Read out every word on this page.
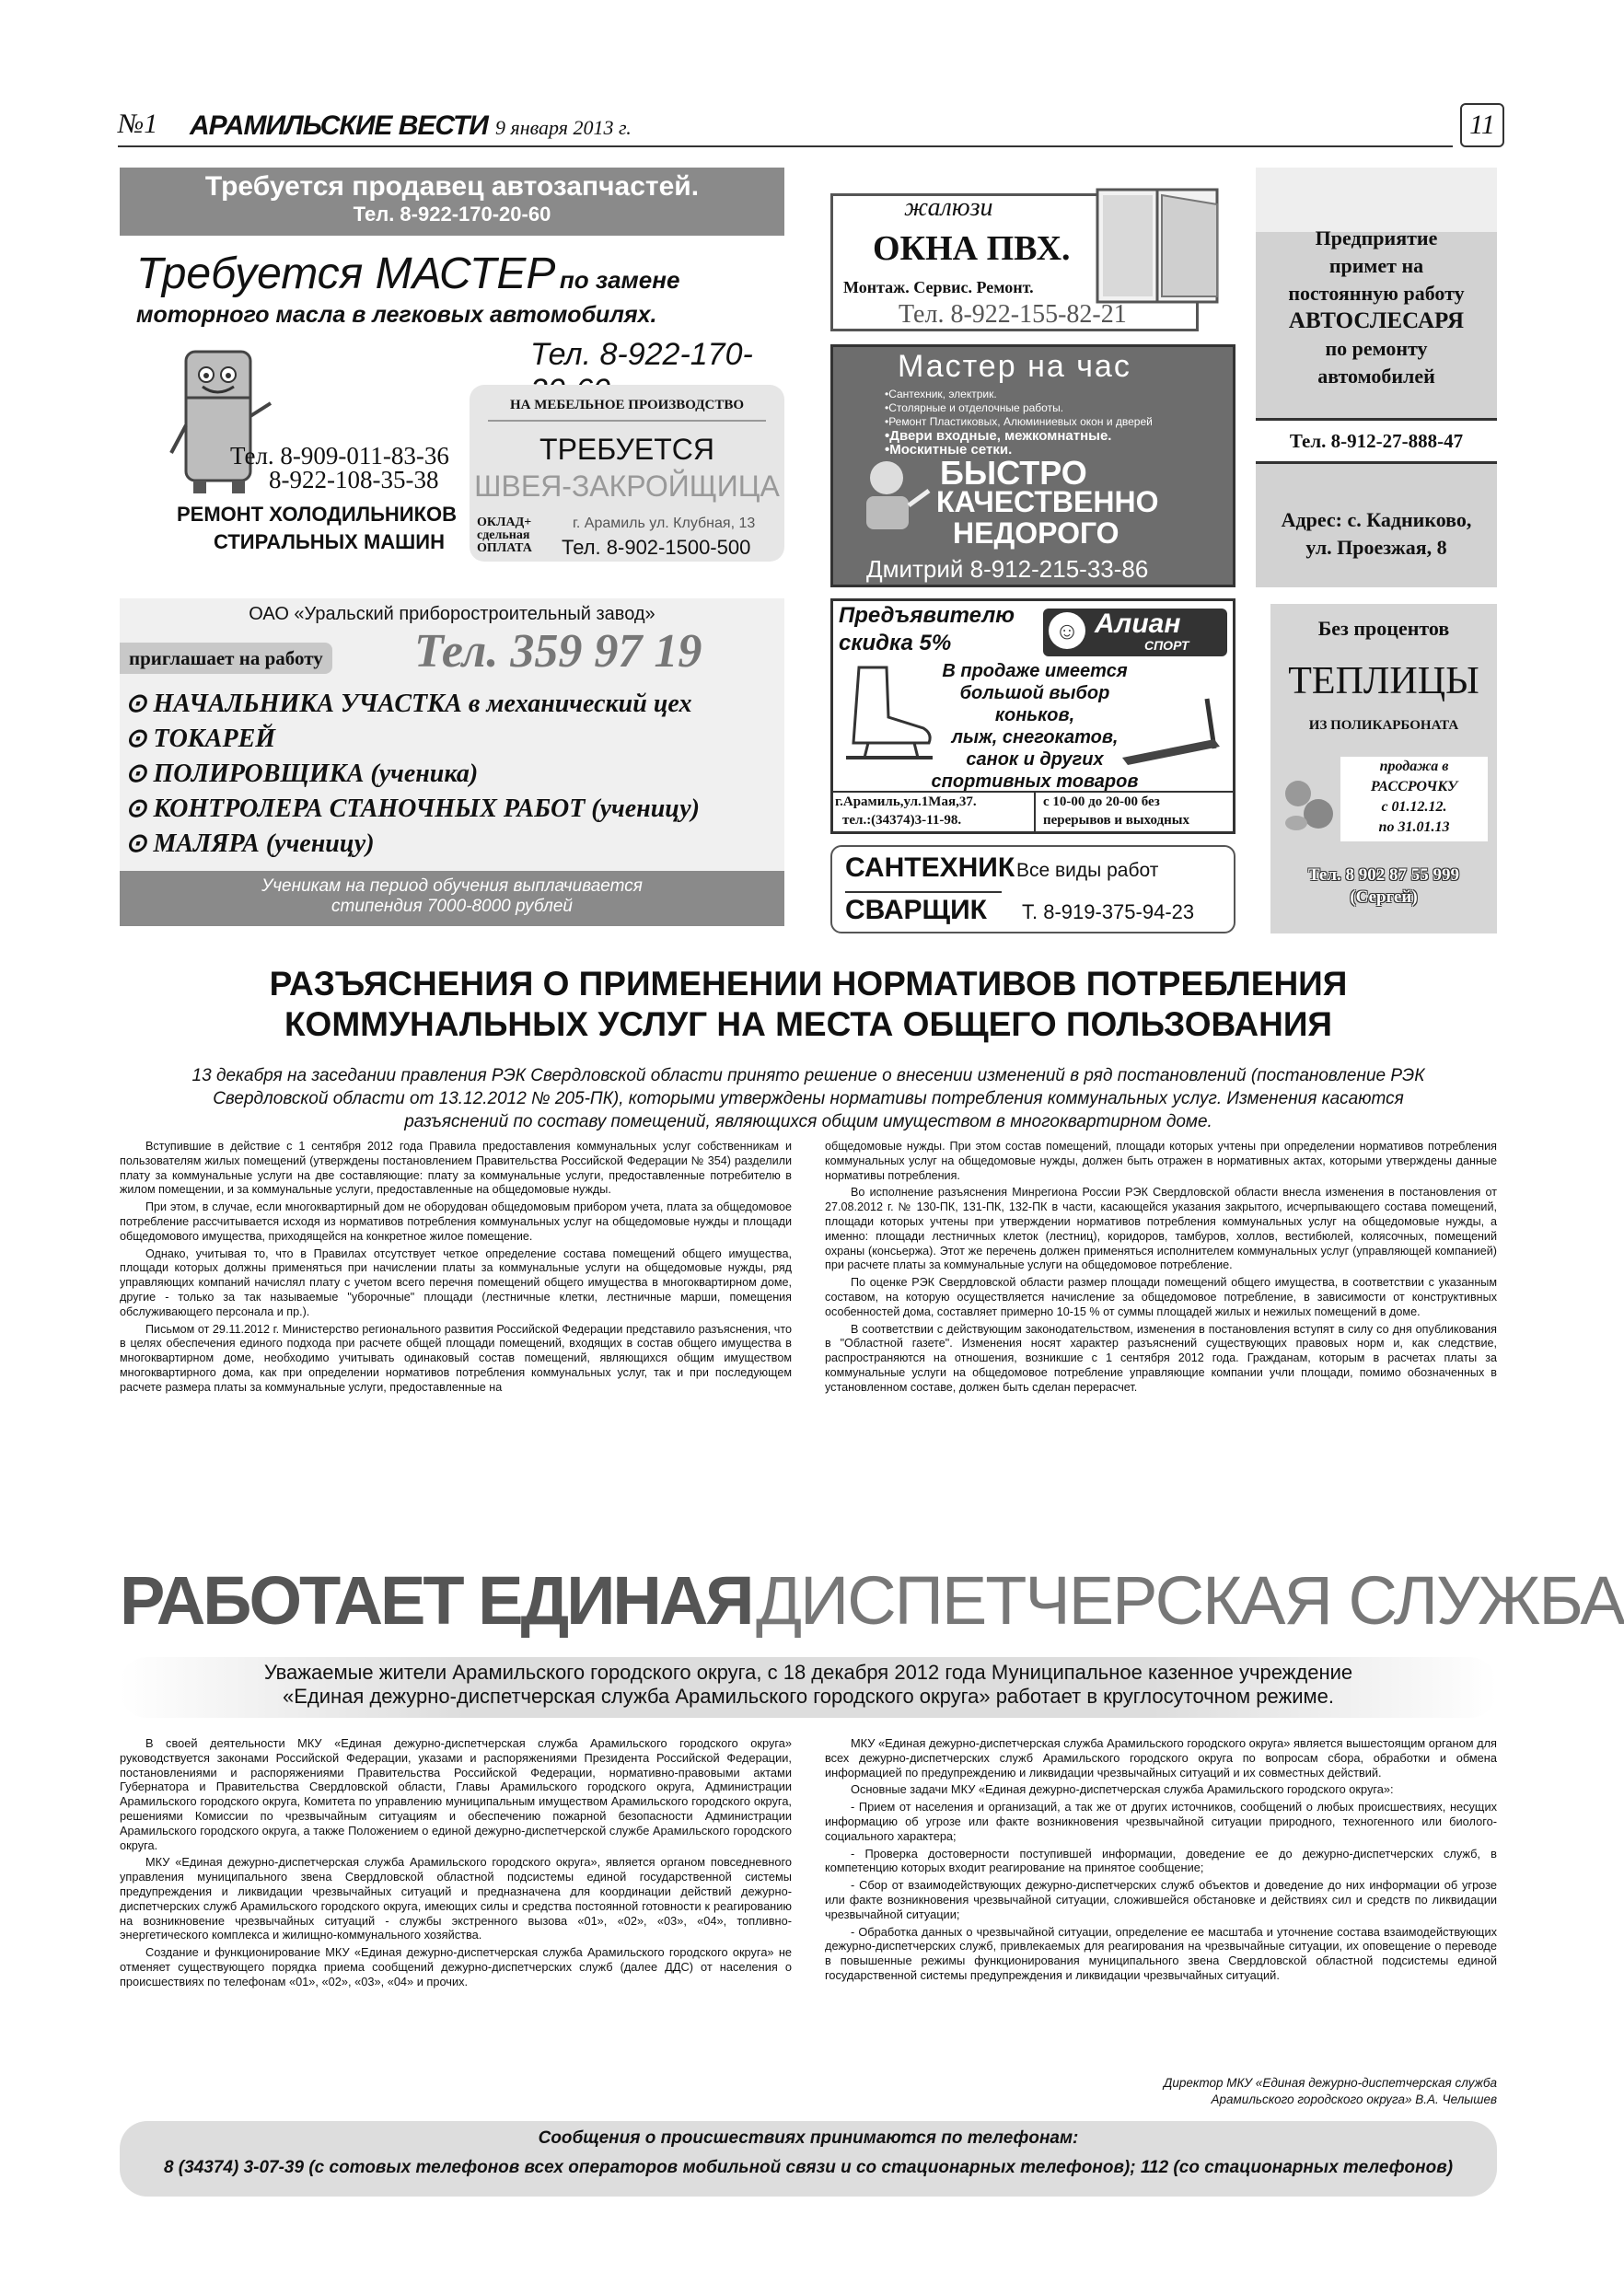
№1 АРАМИЛЬСКИЕ ВЕСТИ 9 января 2013 г.	11
Требуется продавец автозапчастей.
Тел. 8-922-170-20-60
Требуется МАСТЕР по замене
моторного масла в легковых автомобилях.
Тел. 8-922-170-
Тел. 8-909-011-83-36
8-922-108-35-38
РЕМОНТ ХОЛОДИЛЬНИКОВ
СТИРАЛЬНЫХ МАШИН
НА МЕБЕЛЬНОЕ ПРОИЗВОДСТВО
ТРЕБУЕТСЯ
ШВЕЯ-ЗАКРОЙЩИЦА
ОКЛАД+
сдельная
ОПЛАТА
г. Арамиль ул. Клубная, 13
Тел. 8-902-1500-500
жалюзи
ОКНА ПВХ.
Монтаж. Сервис. Ремонт.
Тел. 8-922-155-82-21
Мастер на час
•Сантехник, электрик.
•Столярные и отделочные работы.
•Ремонт Пластиковых, Алюминиевых окон и дверей
•Двери входные, межкомнатные.
•Москитные сетки.
БЫСТРО
КАЧЕСТВЕННО
НЕДОРОГО
Дмитрий 8-912-215-33-86
Предприятие
примет на
постоянную работу
АВТОСЛЕСАРЯ
по ремонту
автомобилей
Тел. 8-912-27-888-47
Адрес: с. Кадниково,
ул. Проезжая, 8
ОАО «Уральский приборостроительный завод»
приглашает на работу Тел. 359 97 19
⊙ НАЧАЛЬНИКА УЧАСТКА в механический цех
⊙ ТОКАРЕЙ
⊙ ПОЛИРОВЩИКА (ученика)
⊙ КОНТРОЛЕРА СТАНОЧНЫХ РАБОТ (ученицу)
⊙ МАЛЯРА (ученицу)
Ученикам на период обучения выплачивается
стипендия 7000-8000 рублей
Предъявителю
скидка 5%	☺ Алиан
СПОРТ
В продаже имеется
большой выбор коньков,
лыж, снегокатов,
санок и других
спортивных товаров
г.Арамиль,ул.1Мая,37.
тел.:(34374)3-11-98.
с 10-00 до 20-00 без
перерывов и выходных
САНТЕХНИК Все виды работ
СВАРЩИК Т. 8-919-375-94-23
Без процентов
ТЕПЛИЦЫ
ИЗ ПОЛИКАРБОНАТА
продажа в
РАССРОЧКУ
с 01.12.12.
по 31.01.13
Тел. 8 902 87 55 999
(Сергей)
РАЗЪЯСНЕНИЯ О ПРИМЕНЕНИИ НОРМАТИВОВ ПОТРЕБЛЕНИЯ
КОММУНАЛЬНЫХ УСЛУГ НА МЕСТА ОБЩЕГО ПОЛЬЗОВАНИЯ
13 декабря на заседании правления РЭК Свердловской области принято решение о внесении изменений в ряд постановлений (постановление РЭК Свердловской области от 13.12.2012 № 205-ПК), которыми утверждены нормативы потребления коммунальных услуг. Изменения касаются разъяснений по составу помещений, являющихся общим имуществом в многоквартирном доме.

Вступившие в действие с 1 сентября 2012 года Правила предоставления коммунальных услуг собственникам и пользователям жилых помещений (утверждены постановлением Правительства Российской Федерации № 354) разделили плату за коммунальные услуги на две составляющие: плату за коммунальные услуги, предоставленные потребителю в жилом помещении, и за коммунальные услуги, предоставленные на общедомовые нужды.

При этом, в случае, если многоквартирный дом не оборудован общедомовым прибором учета, плата за общедомовое потребление рассчитывается исходя из нормативов потребления коммунальных услуг на общедомовые нужды и площади общедомового имущества, приходящейся на конкретное жилое помещение.

Однако, учитывая то, что в Правилах отсутствует четкое определение состава помещений общего имущества, площади которых должны применяться при начислении платы за коммунальные услуги на общедомовые нужды, ряд управляющих компаний начислял плату с учетом всего перечня помещений общего имущества в многоквартирном доме, другие - только за так называемые "уборочные" площади (лестничные клетки, лестничные марши, помещения обслуживающего персонала и пр.).

Письмом от 29.11.2012 г. Министерство регионального развития Российской Федерации представило разъяснения, что в целях обеспечения единого подхода при расчете общей площади помещений, входящих в состав общего имущества в многоквартирном доме, необходимо учитывать одинаковый состав помещений, являющихся общим имуществом многоквартирного дома, как при определении нормативов потребления коммунальных услуг, так и при последующем расчете размера платы за коммунальные услуги, предоставленные на

общедомовые нужды. При этом состав помещений, площади которых учтены при определении нормативов потребления коммунальных услуг на общедомовые нужды, должен быть отражен в нормативных актах, которыми утверждены данные нормативы потребления.

Во исполнение разъяснения Минрегиона России РЭК Свердловской области внесла изменения в постановления от 27.08.2012 г. № 130-ПК, 131-ПК, 132-ПК в части, касающейся указания закрытого, исчерпывающего состава помещений, площади которых учтены при утверждении нормативов потребления коммунальных услуг на общедомовые нужды, а именно: площади лестничных клеток (лестниц), коридоров, тамбуров, холлов, вестибюлей, колясочных, помещений охраны (консьержа). Этот же перечень должен применяться исполнителем коммунальных услуг (управляющей компанией) при расчете платы за коммунальные услуги на общедомовое потребление.

По оценке РЭК Свердловской области размер площади помещений общего имущества, в соответствии с указанным составом, на которую осуществляется начисление за общедомовое потребление, в зависимости от конструктивных особенностей дома, составляет примерно 10-15 % от суммы площадей жилых и нежилых помещений в доме.

В соответствии с действующим законодательством, изменения в постановления вступят в силу со дня опубликования в "Областной газете". Изменения носят характер разъяснений существующих правовых норм и, как следствие, распространяются на отношения, возникшие с 1 сентября 2012 года. Гражданам, которым в расчетах платы за коммунальные услуги на общедомовое потребление управляющие компании учли площади, помимо обозначенных в установленном составе, должен быть сделан перерасчет.

РАБОТАЕТ ЕДИНАЯ ДИСПЕТЧЕРСКАЯ СЛУЖБА
Уважаемые жители Арамильского городского округа, с 18 декабря 2012 года Муниципальное казенное учреждение
«Единая дежурно-диспетчерская служба Арамильского городского округа» работает в круглосуточном режиме.

В своей деятельности МКУ «Единая дежурно-диспетчерская служба Арамильского городского округа» руководствуется законами Российской Федерации, указами и распоряжениями Президента Российской Федерации, постановлениями и распоряжениями Правительства Российской Федерации, нормативно-правовыми актами Губернатора и Правительства Свердловской области, Главы Арамильского городского округа, Администрации Арамильского городского округа, Комитета по управлению муниципальным имуществом Арамильского городского округа, решениями Комиссии по чрезвычайным ситуациям и обеспечению пожарной безопасности Администрации Арамильского городского округа, а также Положением о единой дежурно-диспетчерской службе Арамильского городского округа.

МКУ «Единая дежурно-диспетчерская служба Арамильского городского округа», является органом повседневного управления муниципального звена Свердловской областной подсистемы единой государственной системы предупреждения и ликвидации чрезвычайных ситуаций и предназначена для координации действий дежурно-диспетчерских служб Арамильского городского округа, имеющих силы и средства постоянной готовности к реагированию на возникновение чрезвычайных ситуаций - службы экстренного вызова «01», «02», «03», «04», топливно-энергетического комплекса и жилищно-коммунального хозяйства.

Создание и функционирование МКУ «Единая дежурно-диспетчерская служба Арамильского городского округа» не отменяет существующего порядка приема сообщений дежурно-диспетчерских служб (далее ДДС) от населения о происшествиях по телефонам «01», «02», «03», «04» и прочих.

МКУ «Единая дежурно-диспетчерская служба Арамильского городского округа» является вышестоящим органом для всех дежурно-диспетчерских служб Арамильского городского округа по вопросам сбора, обработки и обмена информацией по предупреждению и ликвидации чрезвычайных ситуаций и их совместных действий.

Основные задачи МКУ «Единая дежурно-диспетчерская служба Арамильского городского округа»:

- Прием от населения и организаций, а так же от других источников, сообщений о любых происшествиях, несущих информацию об угрозе или факте возникновения чрезвычайной ситуации природного, техногенного или биолого-социального характера;

- Проверка достоверности поступившей информации, доведение ее до дежурно-диспетчерских служб, в компетенцию которых входит реагирование на принятое сообщение;

- Сбор от взаимодействующих дежурно-диспетчерских служб объектов и доведение до них информации об угрозе или факте возникновения чрезвычайной ситуации, сложившейся обстановке и действиях сил и средств по ликвидации чрезвычайной ситуации;

- Обработка данных о чрезвычайной ситуации, определение ее масштаба и уточнение состава взаимодействующих дежурно-диспетчерских служб, привлекаемых для реагирования на чрезвычайные ситуации, их оповещение о переводе в повышенные режимы функционирования муниципального звена Свердловской областной подсистемы единой государственной системы предупреждения и ликвидации чрезвычайных ситуаций.

Директор МКУ «Единая дежурно-диспетчерская служба
Арамильского городского округа» В.А. Челышев
Сообщения о происшествиях принимаются по телефонам:
8 (34374) 3-07-39 (с сотовых телефонов всех операторов мобильной связи и со стационарных телефонов); 112 (со стационарных телефонов)
